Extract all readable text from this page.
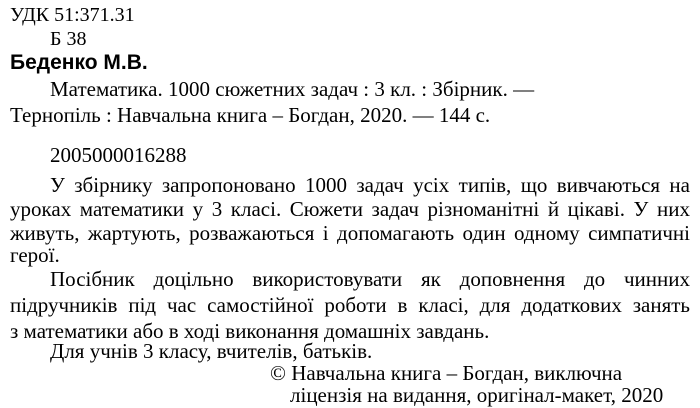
УДК 51:371.31
Б 38
Беденко М.В.
Математика. 1000 сюжетних задач : 3 кл. : Збірник. —
Тернопіль : Навчальна книга – Богдан, 2020. — 144 с.
2005000016288
У збірнику запропоновано 1000 задач усіх типів, що вивчаються на
уроках математики у 3 класі. Сюжети задач різноманітні й цікаві. У них
живуть, жартують, розважаються і допомагають один одному симпатичні
герої.
Посібник доцільно використовувати як доповнення до чинних
підручників під час самостійної роботи в класі, для додаткових занять
з математики або в ході виконання домашніх завдань.
Для учнів 3 класу, вчителів, батьків.
© Навчальна книга – Богдан, виключна
ліцензія на видання, оригінал-макет, 2020
